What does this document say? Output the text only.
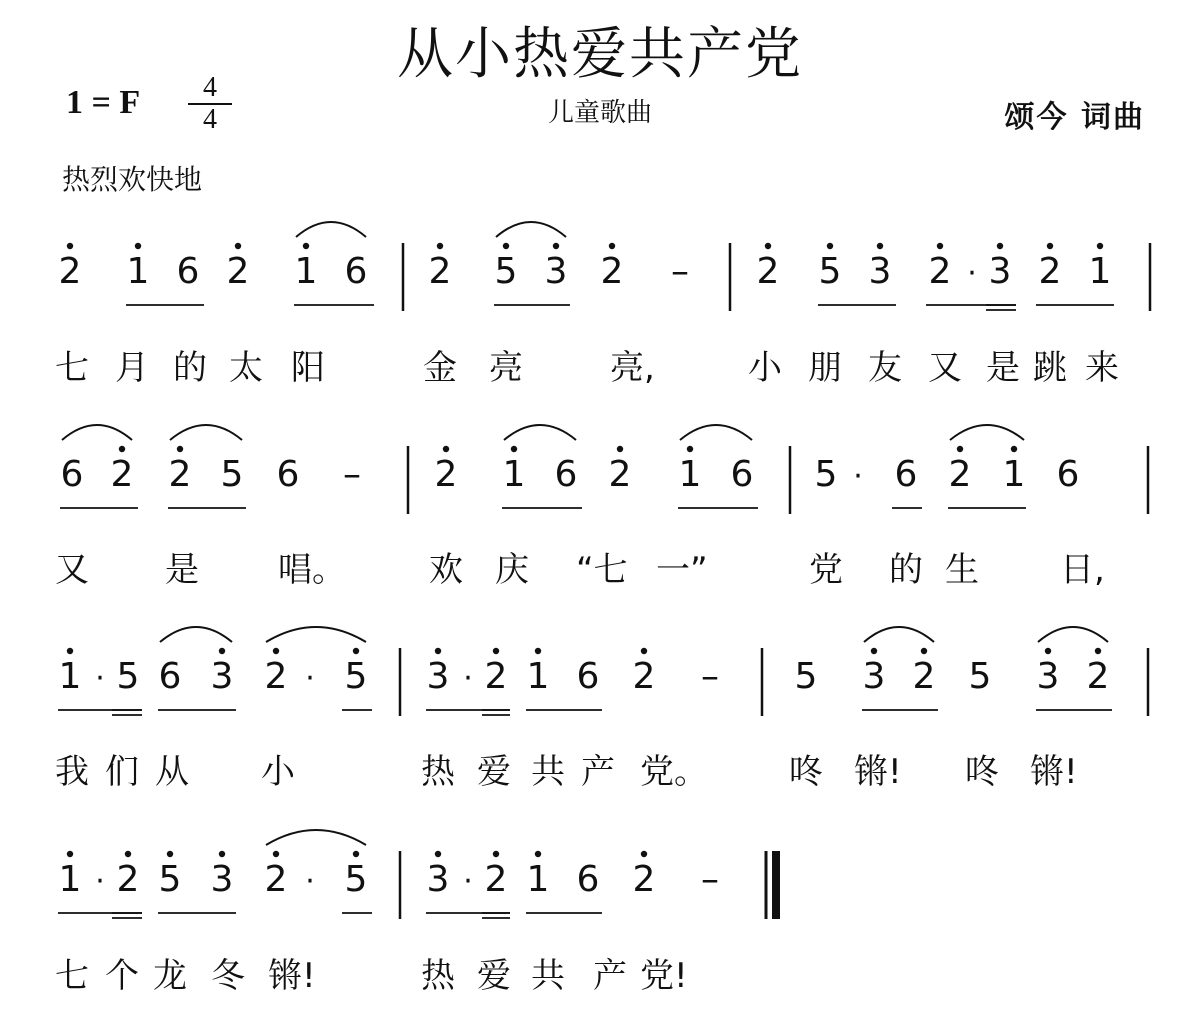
从小热爱共产党
1 = F	4
4	儿童歌曲	颂今 词曲
热烈欢快地
2 1 6 2 1 6 2 5 3 2 – 2 5 3 2 · 3 2 1
6 2 2 5 6 – 2 1 6 2 1 6 5 · 6 2 1 6
1 · 5 6 3 2 · 5 3 · 2 1 6 2 – 5 3 2 5 3 2
1 · 2 5 3 2 · 5 3 · 2 1 6 2 –
七 月 的 太 阳	金 亮	亮,	小 朋 友 又 是 跳 来
又 是 唱。 欢 庆 “七 一”	党 的 生 日,
我 们 从 小	热 爱 共 产 党。 咚 锵! 咚 锵!
七 个 龙 冬 锵!	热 爱 共 产 党!
